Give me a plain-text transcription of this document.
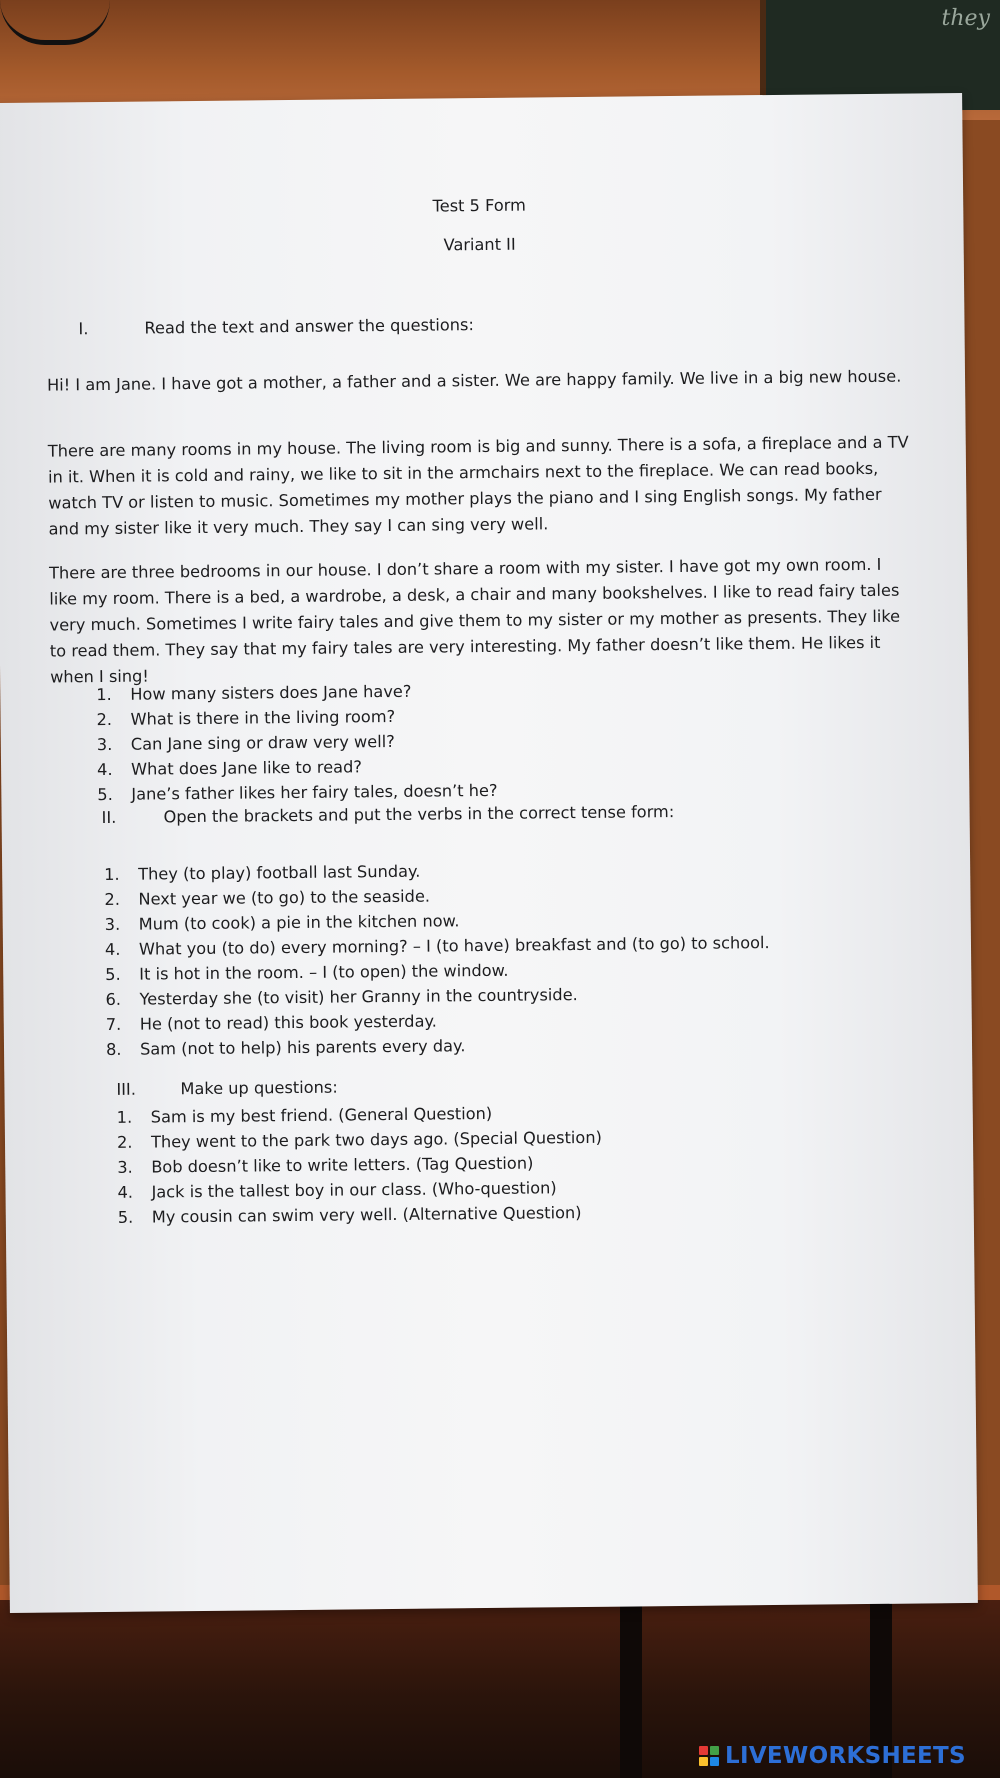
they
Test 5 Form
Variant II
I.	Read the text and answer the questions:
Hi! I am Jane. I have got a mother, a father and a sister. We are happy family. We live in a big new house.
There are many rooms in my house. The living room is big and sunny. There is a sofa, a fireplace and a TV in it. When it is cold and rainy, we like to sit in the armchairs next to the fireplace. We can read books, watch TV or listen to music. Sometimes my mother plays the piano and I sing English songs. My father and my sister like it very much. They say I can sing very well.
There are three bedrooms in our house. I don’t share a room with my sister. I have got my own room. I like my room. There is a bed, a wardrobe, a desk, a chair and many bookshelves. I like to read fairy tales very much. Sometimes I write fairy tales and give them to my sister or my mother as presents. They like to read them. They say that my fairy tales are very interesting. My father doesn’t like them. He likes it when I sing!
1.	How many sisters does Jane have?
2.	What is there in the living room?
3.	Can Jane sing or draw very well?
4.	What does Jane like to read?
5.	Jane’s father likes her fairy tales, doesn’t he?
II.	Open the brackets and put the verbs in the correct tense form:
1.	They (to play) football last Sunday.
2.	Next year we (to go) to the seaside.
3.	Mum (to cook) a pie in the kitchen now.
4.	What you (to do) every morning? – I (to have) breakfast and (to go) to school.
5.	It is hot in the room. – I (to open) the window.
6.	Yesterday she (to visit) her Granny in the countryside.
7.	He (not to read) this book yesterday.
8.	Sam (not to help) his parents every day.
III.	Make up questions:
1.	Sam is my best friend. (General Question)
2.	They went to the park two days ago. (Special Question)
3.	Bob doesn’t like to write letters. (Tag Question)
4.	Jack is the tallest boy in our class. (Who-question)
5.	My cousin can swim very well. (Alternative Question)
LIVEWORKSHEETS
